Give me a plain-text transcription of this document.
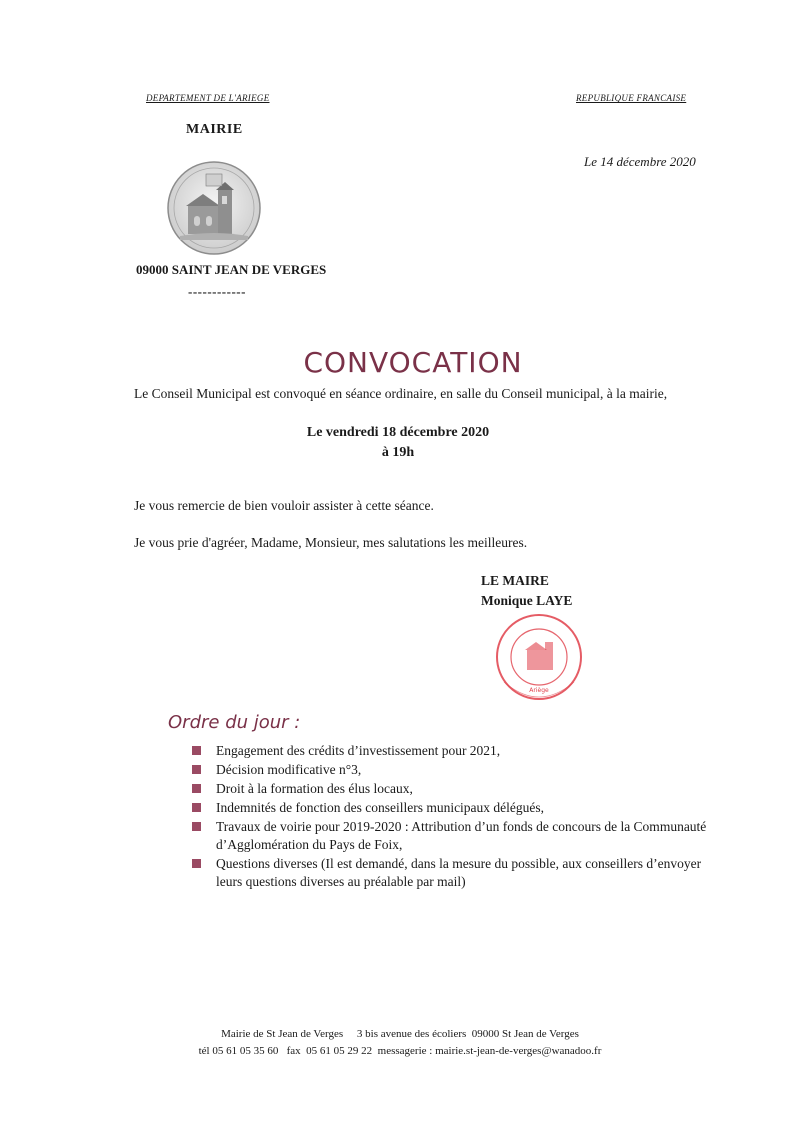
DEPARTEMENT DE L'ARIEGE	REPUBLIQUE FRANCAISE
MAIRIE
Le 14 décembre 2020
09000 SAINT JEAN DE VERGES
------------
CONVOCATION
Le Conseil Municipal est convoqué en séance ordinaire, en salle du Conseil municipal, à la mairie,
Le vendredi 18 décembre 2020
à 19h
Je vous remercie de bien vouloir assister à cette séance.
Je vous prie d'agréer, Madame, Monsieur, mes salutations les meilleures.
LE MAIRE
Monique LAYE
Ariège
Ordre du jour :
Engagement des crédits d’investissement pour 2021,
Décision modificative n°3,
Droit à la formation des élus locaux,
Indemnités de fonction des conseillers municipaux délégués,
Travaux de voirie pour 2019-2020 : Attribution d’un fonds de concours de la Communauté d’Agglomération du Pays de Foix,
Questions diverses (Il est demandé, dans la mesure du possible, aux conseillers d’envoyer leurs questions diverses au préalable par mail)
Mairie de St Jean de Verges     3 bis avenue des écoliers  09000 St Jean de Verges
tél 05 61 05 35 60   fax  05 61 05 29 22  messagerie : mairie.st-jean-de-verges@wanadoo.fr
